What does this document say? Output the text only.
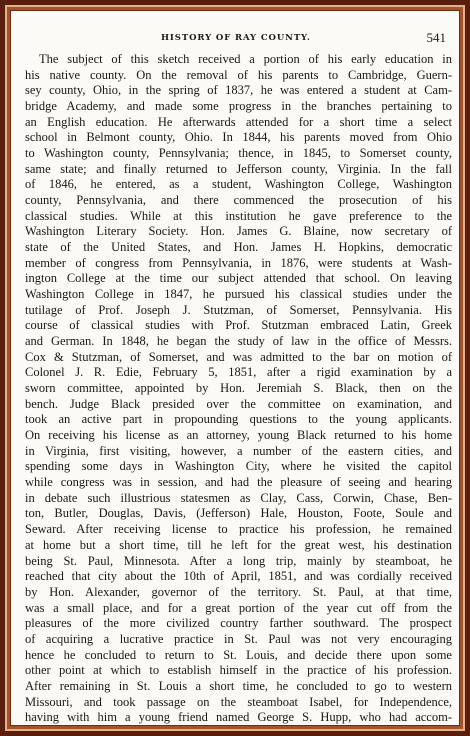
HISTORY OF RAY COUNTY.	541
The subject of this sketch received a portion of his early education in
his native county. On the removal of his parents to Cambridge, Guern-
sey county, Ohio, in the spring of 1837, he was entered a student at Cam-
bridge Academy, and made some progress in the branches pertaining to
an English education. He afterwards attended for a short time a select
school in Belmont county, Ohio. In 1844, his parents moved from Ohio
to Washington county, Pennsylvania; thence, in 1845, to Somerset county,
same state; and finally returned to Jefferson county, Virginia. In the fall
of 1846, he entered, as a student, Washington College, Washington
county, Pennsylvania, and there commenced the prosecution of his
classical studies. While at this institution he gave preference to the
Washington Literary Society. Hon. James G. Blaine, now secretary of
state of the United States, and Hon. James H. Hopkins, democratic
member of congress from Pennsylvania, in 1876, were students at Wash-
ington College at the time our subject attended that school. On leaving
Washington College in 1847, he pursued his classical studies under the
tutilage of Prof. Joseph J. Stutzman, of Somerset, Pennsylvania. His
course of classical studies with Prof. Stutzman embraced Latin, Greek
and German. In 1848, he began the study of law in the office of Messrs.
Cox & Stutzman, of Somerset, and was admitted to the bar on motion of
Colonel J. R. Edie, February 5, 1851, after a rigid examination by a
sworn committee, appointed by Hon. Jeremiah S. Black, then on the
bench. Judge Black presided over the committee on examination, and
took an active part in propounding questions to the young applicants.
On receiving his license as an attorney, young Black returned to his home
in Virginia, first visiting, however, a number of the eastern cities, and
spending some days in Washington City, where he visited the capitol
while congress was in session, and had the pleasure of seeing and hearing
in debate such illustrious statesmen as Clay, Cass, Corwin, Chase, Ben-
ton, Butler, Douglas, Davis, (Jefferson) Hale, Houston, Foote, Soule and
Seward. After receiving license to practice his profession, he remained
at home but a short time, till he left for the great west, his destination
being St. Paul, Minnesota. After a long trip, mainly by steamboat, he
reached that city about the 10th of April, 1851, and was cordially received
by Hon. Alexander, governor of the territory. St. Paul, at that time,
was a small place, and for a great portion of the year cut off from the
pleasures of the more civilized country farther southward. The prospect
of acquiring a lucrative practice in St. Paul was not very encouraging
hence he concluded to return to St. Louis, and decide there upon some
other point at which to establish himself in the practice of his profession.
After remaining in St. Louis a short time, he concluded to go to western
Missouri, and took passage on the steamboat Isabel, for Independence,
having with him a young friend named George S. Hupp, who had accom-
